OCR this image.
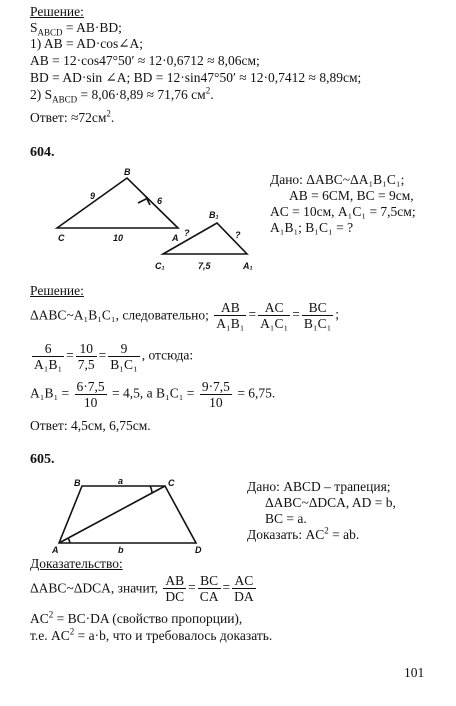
Решение:
$S_{ABCD} = AB\cdot BD$;
1) AB = AD·cos∠A;
AB = 12·cos47°50′ ≈ 12·0,6712 ≈ 8,06см;
BD = AD·sin ∠A; BD = 12·sin47°50′ ≈ 12·0,7412 ≈ 8,89см;
2) $S_{ABCD} = 8,06\cdot 8,89 \approx 71,76$ $см^2$.
Ответ: $\approx 72см^2$.
604.
B
C	A
9	6
10
B₁
C₁	A₁
7,5
?	?
Дано: ΔABC~ΔA₁B₁C₁;
AB = 6СМ, BC = 9см,
AC = 10см, A₁C₁ = 7,5см;
A₁B₁; B₁C₁ = ?
Решение:
ΔABC~A₁B₁C₁, следовательно; $\frac{AB}{\text{A₁B₁}} = \frac{AC}{\text{A₁C₁}} = \frac{BC}{\text{B₁C₁}}$ ;
$\frac{6}{\text{A₁B₁}} = \frac{10}{7,5} = \frac{9}{\text{B₁C₁}}$ , отсюда:
$A_1B_1 = \frac{6\cdot 7,5}{10} = 4,5$, а $B_1C_1 = \frac{9\cdot 7,5}{10} = 6,75$.
Ответ: 4,5см, 6,75см.
605.
B	C
A	D
a
b
Дано: ABCD – трапеция;
ΔABC~ΔDCA, AD = b,
BC = a.
Доказать: $AC^2$ = ab.
Доказательство:
ΔABC~ΔDCA, значит, $\frac{AB}{DC} = \frac{BC}{CA} = \frac{AC}{DA}$
$AC^2 = BC\cdot DA$ (свойство пропорции),
т.е. $AC^2 = a\cdot b$, что и требовалось доказать.
101
